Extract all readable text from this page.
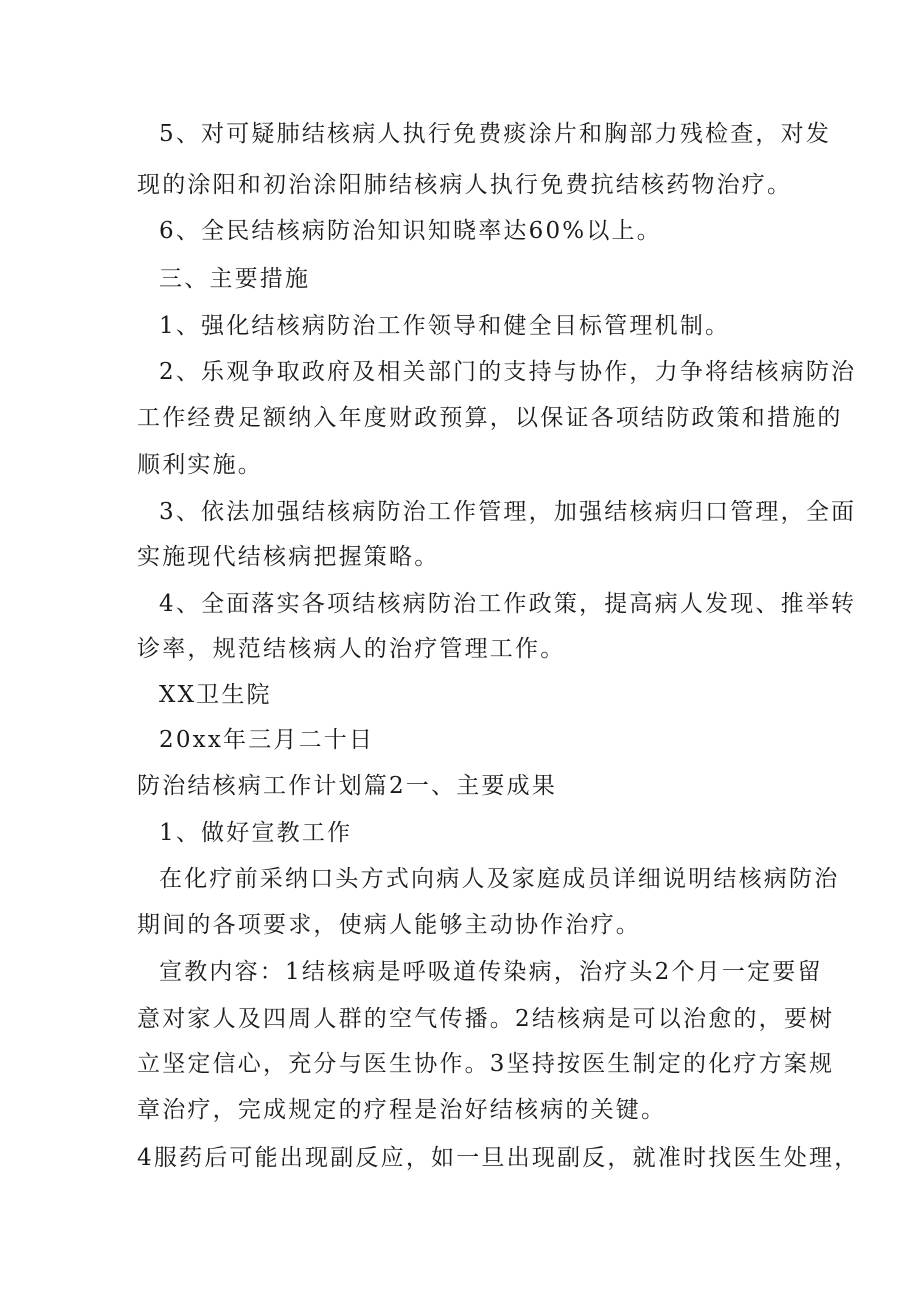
5、对可疑肺结核病人执行免费痰涂片和胸部力残检查，对发
现的涂阳和初治涂阳肺结核病人执行免费抗结核药物治疗。
6、全民结核病防治知识知晓率达60%以上。
三、主要措施
1、强化结核病防治工作领导和健全目标管理机制。
2、乐观争取政府及相关部门的支持与协作，力争将结核病防治
工作经费足额纳入年度财政预算，以保证各项结防政策和措施的
顺利实施。
3、依法加强结核病防治工作管理，加强结核病归口管理，全面
实施现代结核病把握策略。
4、全面落实各项结核病防治工作政策，提高病人发现、推举转
诊率，规范结核病人的治疗管理工作。
XX卫生院
20xx年三月二十日
防治结核病工作计划篇2一、主要成果
1、做好宣教工作
在化疗前采纳口头方式向病人及家庭成员详细说明结核病防治
期间的各项要求，使病人能够主动协作治疗。
宣教内容：1结核病是呼吸道传染病，治疗头2个月一定要留
意对家人及四周人群的空气传播。2结核病是可以治愈的，要树
立坚定信心，充分与医生协作。3坚持按医生制定的化疗方案规
章治疗，完成规定的疗程是治好结核病的关键。
4服药后可能出现副反应，如一旦出现副反，就准时找医生处理，
